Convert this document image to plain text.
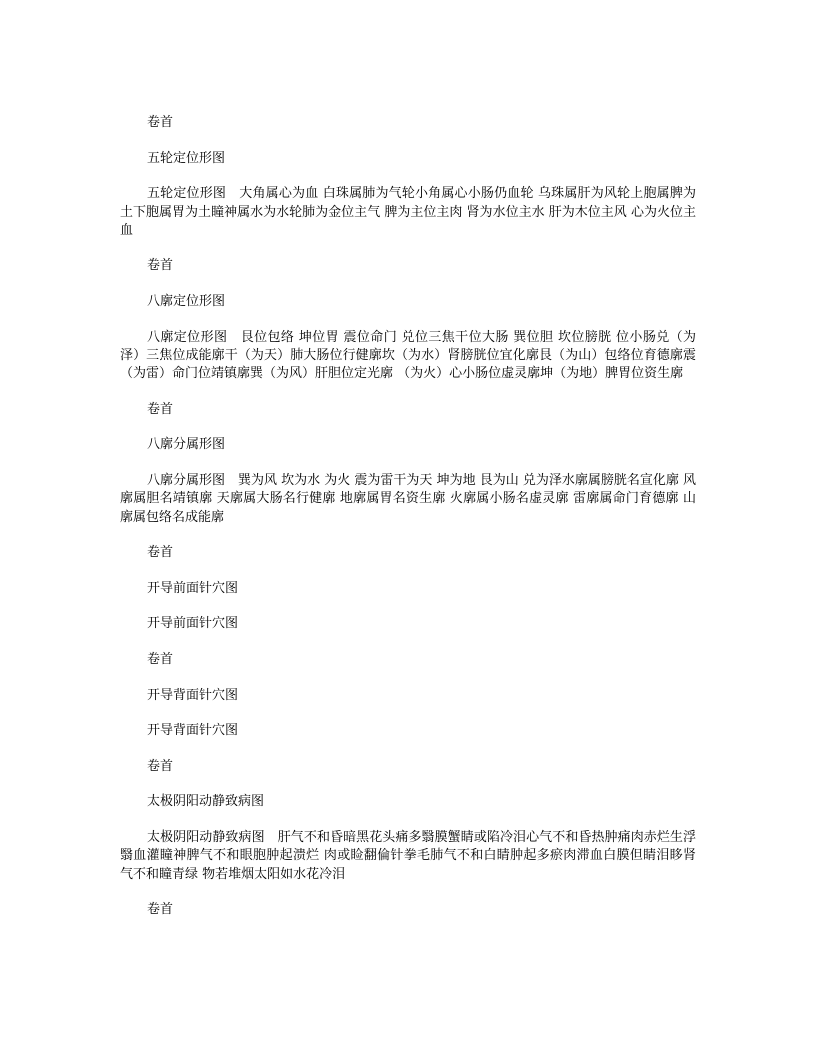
卷首

五轮定位形图

五轮定位形图　大角属心为血 白珠属肺为气轮小角属心小肠仍血轮 乌珠属肝为风轮上胞属脾为土下胞属胃为土瞳神属水为水轮肺为金位主气 脾为主位主肉 肾为水位主水 肝为木位主风 心为火位主血

卷首

八廓定位形图

八廓定位形图　艮位包络 坤位胃 震位命门 兑位三焦干位大肠 巽位胆 坎位膀胱 位小肠兑（为泽）三焦位成能廓干（为天）肺大肠位行健廓坎（为水）肾膀胱位宜化廓艮（为山）包络位育德廓震（为雷）命门位靖镇廓巽（为风）肝胆位定光廓 （为火）心小肠位虚灵廓坤（为地）脾胃位资生廓

卷首

八廓分属形图

八廓分属形图　巽为风 坎为水 为火 震为雷干为天 坤为地 艮为山 兑为泽水廓属膀胱名宣化廓 风廓属胆名靖镇廓 天廓属大肠名行健廓 地廓属胃名资生廓 火廓属小肠名虚灵廓 雷廓属命门育德廓 山廓属包络名成能廓

卷首

开导前面针穴图

开导前面针穴图

卷首

开导背面针穴图

开导背面针穴图

卷首

太极阴阳动静致病图

太极阴阳动静致病图　肝气不和昏暗黑花头痛多翳膜蟹睛或陷冷泪心气不和昏热肿痛肉赤烂生浮翳血灌瞳神脾气不和眼胞肿起溃烂 肉或睑翻倫针拳毛肺气不和白睛肿起多瘀肉滞血白膜但睛泪眵肾气不和瞳青绿 物若堆烟太阳如水花冷泪

卷首
